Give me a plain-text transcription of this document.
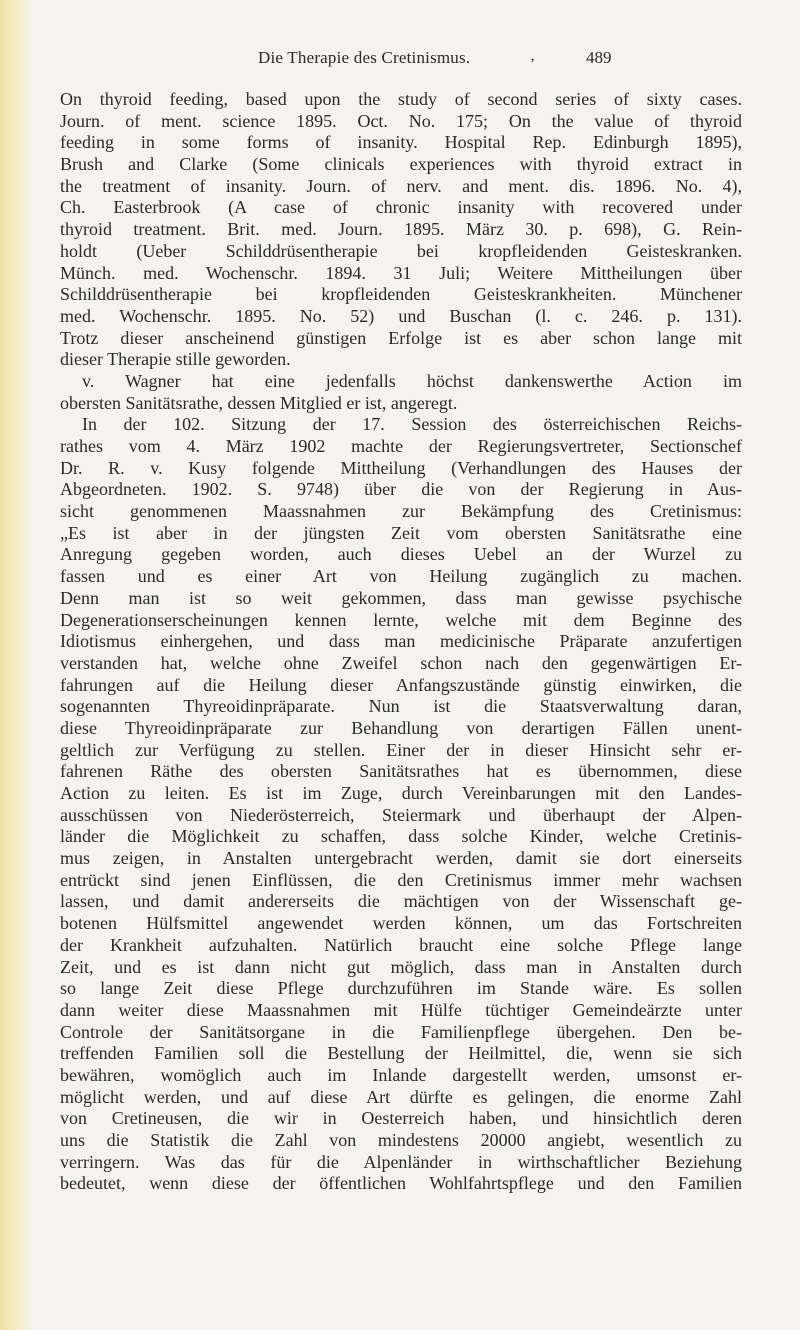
Die Therapie des Cretinismus.	‚	489
On thyroid feeding, based upon the study of second series of sixty cases.
Journ. of ment. science 1895. Oct. No. 175; On the value of thyroid
feeding in some forms of insanity. Hospital Rep. Edinburgh 1895),
Brush and Clarke (Some clinicals experiences with thyroid extract in
the treatment of insanity. Journ. of nerv. and ment. dis. 1896. No. 4),
Ch. Easterbrook (A case of chronic insanity with recovered under
thyroid treatment. Brit. med. Journ. 1895. März 30. p. 698), G. Rein-
holdt (Ueber Schilddrüsentherapie bei kropfleidenden Geisteskranken.
Münch. med. Wochenschr. 1894. 31 Juli; Weitere Mittheilungen über
Schilddrüsentherapie bei kropfleidenden Geisteskrankheiten. Münchener
med. Wochenschr. 1895. No. 52) und Buschan (l. c. 246. p. 131).
Trotz dieser anscheinend günstigen Erfolge ist es aber schon lange mit
dieser Therapie stille geworden.
v. Wagner hat eine jedenfalls höchst dankenswerthe Action im
obersten Sanitätsrathe, dessen Mitglied er ist, angeregt.
In der 102. Sitzung der 17. Session des österreichischen Reichs-
rathes vom 4. März 1902 machte der Regierungsvertreter, Sectionschef
Dr. R. v. Kusy folgende Mittheilung (Verhandlungen des Hauses der
Abgeordneten. 1902. S. 9748) über die von der Regierung in Aus-
sicht genommenen Maassnahmen zur Bekämpfung des Cretinismus:
„Es ist aber in der jüngsten Zeit vom obersten Sanitätsrathe eine
Anregung gegeben worden, auch dieses Uebel an der Wurzel zu
fassen und es einer Art von Heilung zugänglich zu machen.
Denn man ist so weit gekommen, dass man gewisse psychische
Degenerationserscheinungen kennen lernte, welche mit dem Beginne des
Idiotismus einhergehen, und dass man medicinische Präparate anzufertigen
verstanden hat, welche ohne Zweifel schon nach den gegenwärtigen Er-
fahrungen auf die Heilung dieser Anfangszustände günstig einwirken, die
sogenannten Thyreoidinpräparate. Nun ist die Staatsverwaltung daran,
diese Thyreoidinpräparate zur Behandlung von derartigen Fällen unent-
geltlich zur Verfügung zu stellen. Einer der in dieser Hinsicht sehr er-
fahrenen Räthe des obersten Sanitätsrathes hat es übernommen, diese
Action zu leiten. Es ist im Zuge, durch Vereinbarungen mit den Landes-
ausschüssen von Niederösterreich, Steiermark und überhaupt der Alpen-
länder die Möglichkeit zu schaffen, dass solche Kinder, welche Cretinis-
mus zeigen, in Anstalten untergebracht werden, damit sie dort einerseits
entrückt sind jenen Einflüssen, die den Cretinismus immer mehr wachsen
lassen, und damit andererseits die mächtigen von der Wissenschaft ge-
botenen Hülfsmittel angewendet werden können, um das Fortschreiten
der Krankheit aufzuhalten. Natürlich braucht eine solche Pflege lange
Zeit, und es ist dann nicht gut möglich, dass man in Anstalten durch
so lange Zeit diese Pflege durchzuführen im Stande wäre. Es sollen
dann weiter diese Maassnahmen mit Hülfe tüchtiger Gemeindeärzte unter
Controle der Sanitätsorgane in die Familienpflege übergehen. Den be-
treffenden Familien soll die Bestellung der Heilmittel, die, wenn sie sich
bewähren, womöglich auch im Inlande dargestellt werden, umsonst er-
möglicht werden, und auf diese Art dürfte es gelingen, die enorme Zahl
von Cretineusen, die wir in Oesterreich haben, und hinsichtlich deren
uns die Statistik die Zahl von mindestens 20000 angiebt, wesentlich zu
verringern. Was das für die Alpenländer in wirthschaftlicher Beziehung
bedeutet, wenn diese der öffentlichen Wohlfahrtspflege und den Familien
